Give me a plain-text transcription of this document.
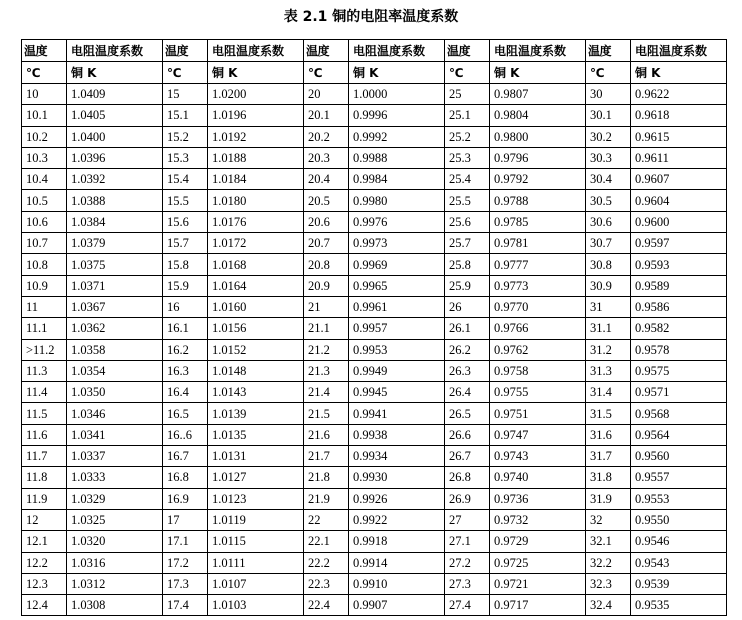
表 2.1 铜的电阻率温度系数
温度	电阻温度系数	温度	电阻温度系数	温度	电阻温度系数	温度	电阻温度系数	温度	电阻温度系数
℃	铜 K	℃	铜 K	℃	铜 K	℃	铜 K	℃	铜 K
10	1.0409	15	1.0200	20	1.0000	25	0.9807	30	0.9622
10.1	1.0405	15.1	1.0196	20.1	0.9996	25.1	0.9804	30.1	0.9618
10.2	1.0400	15.2	1.0192	20.2	0.9992	25.2	0.9800	30.2	0.9615
10.3	1.0396	15.3	1.0188	20.3	0.9988	25.3	0.9796	30.3	0.9611
10.4	1.0392	15.4	1.0184	20.4	0.9984	25.4	0.9792	30.4	0.9607
10.5	1.0388	15.5	1.0180	20.5	0.9980	25.5	0.9788	30.5	0.9604
10.6	1.0384	15.6	1.0176	20.6	0.9976	25.6	0.9785	30.6	0.9600
10.7	1.0379	15.7	1.0172	20.7	0.9973	25.7	0.9781	30.7	0.9597
10.8	1.0375	15.8	1.0168	20.8	0.9969	25.8	0.9777	30.8	0.9593
10.9	1.0371	15.9	1.0164	20.9	0.9965	25.9	0.9773	30.9	0.9589
11	1.0367	16	1.0160	21	0.9961	26	0.9770	31	0.9586
11.1	1.0362	16.1	1.0156	21.1	0.9957	26.1	0.9766	31.1	0.9582
>11.2	1.0358	16.2	1.0152	21.2	0.9953	26.2	0.9762	31.2	0.9578
11.3	1.0354	16.3	1.0148	21.3	0.9949	26.3	0.9758	31.3	0.9575
11.4	1.0350	16.4	1.0143	21.4	0.9945	26.4	0.9755	31.4	0.9571
11.5	1.0346	16.5	1.0139	21.5	0.9941	26.5	0.9751	31.5	0.9568
11.6	1.0341	16..6	1.0135	21.6	0.9938	26.6	0.9747	31.6	0.9564
11.7	1.0337	16.7	1.0131	21.7	0.9934	26.7	0.9743	31.7	0.9560
11.8	1.0333	16.8	1.0127	21.8	0.9930	26.8	0.9740	31.8	0.9557
11.9	1.0329	16.9	1.0123	21.9	0.9926	26.9	0.9736	31.9	0.9553
12	1.0325	17	1.0119	22	0.9922	27	0.9732	32	0.9550
12.1	1.0320	17.1	1.0115	22.1	0.9918	27.1	0.9729	32.1	0.9546
12.2	1.0316	17.2	1.0111	22.2	0.9914	27.2	0.9725	32.2	0.9543
12.3	1.0312	17.3	1.0107	22.3	0.9910	27.3	0.9721	32.3	0.9539
12.4	1.0308	17.4	1.0103	22.4	0.9907	27.4	0.9717	32.4	0.9535
